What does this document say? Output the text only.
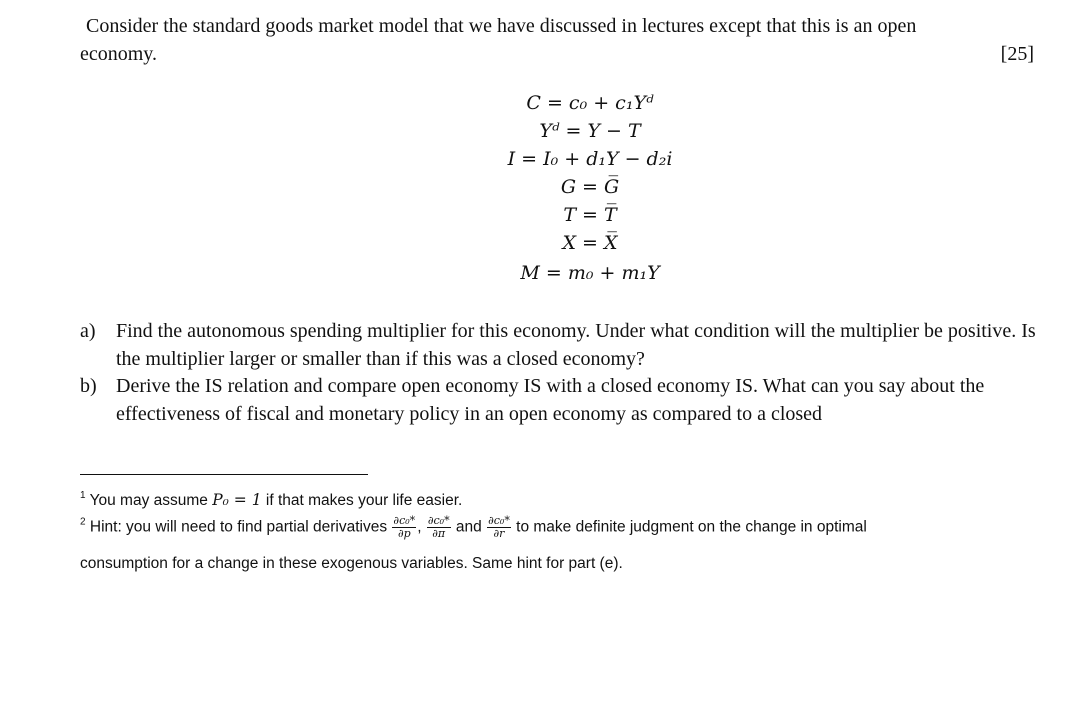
Consider the standard goods market model that we have discussed in lectures except that this is an open
economy.	[25]
C = c₀ + c₁Yᵈ
Yᵈ = Y − T
I = I₀ + d₁Y − d₂i
G = G̅
T = T̅
X = X̅
M = m₀ + m₁Y
a) Find the autonomous spending multiplier for this economy. Under what condition will the multiplier be positive. Is the multiplier larger or smaller than if this was a closed economy?
b) Derive the IS relation and compare open economy IS with a closed economy IS. What can you say about the effectiveness of fiscal and monetary policy in an open economy as compared to a closed
$^1$ You may assume P₀ = 1 if that makes your life easier.
$^2$ Hint: you will need to find partial derivatives $\frac{\text{∂c₀*}}{\partial p}$ , $\frac{\text{∂c₀*}}{\partial\pi}$ and $\frac{\text{∂c₀*}}{\partial r}$ to make definite judgment on the change in optimal
consumption for a change in these exogenous variables. Same hint for part (e).
